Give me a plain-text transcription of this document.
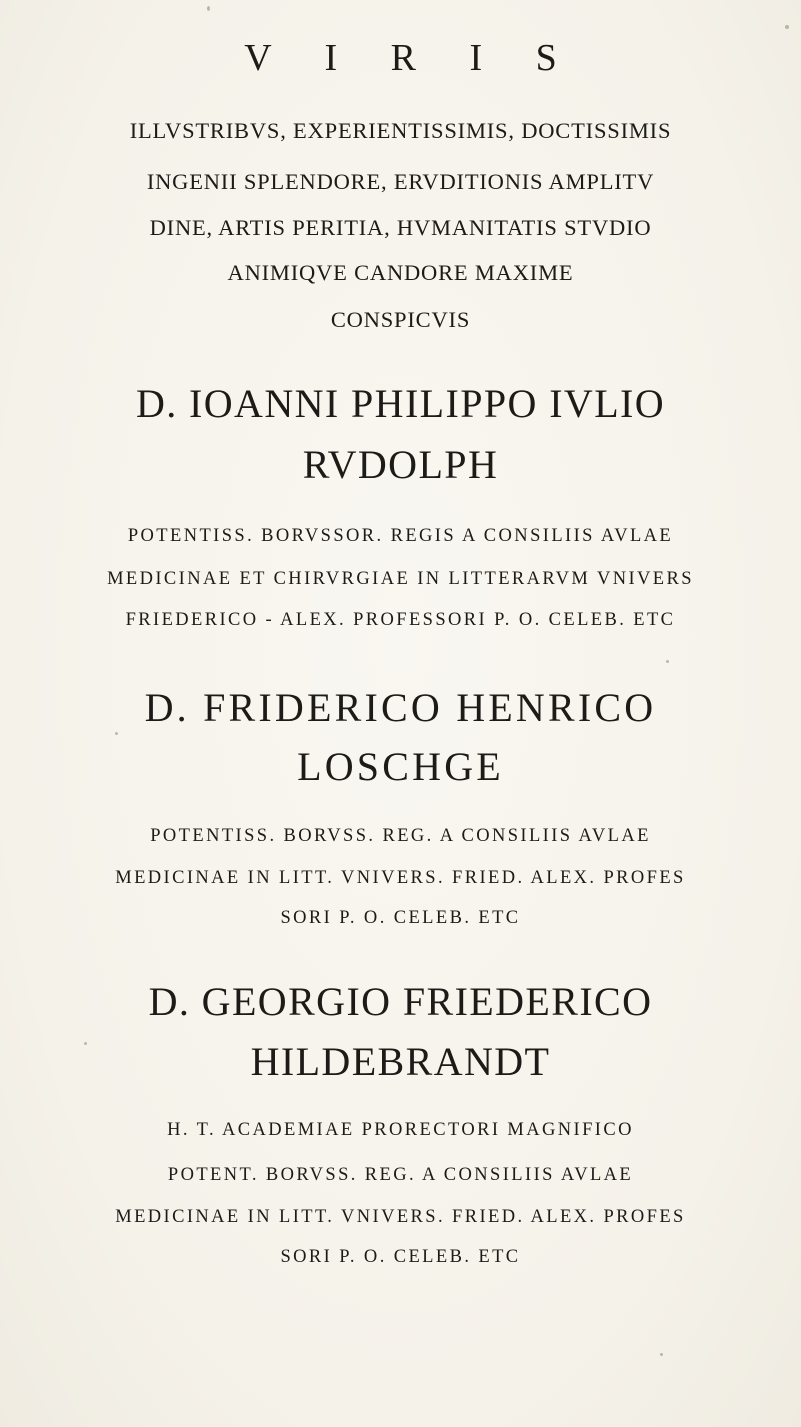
V I R I S
ILLVSTRIBVS, EXPERIENTISSIMIS, DOCTISSIMIS
INGENII SPLENDORE, ERVDITIONIS AMPLITV
DINE, ARTIS PERITIA, HVMANITATIS STVDIO
ANIMIQVE CANDORE MAXIME
CONSPICVIS
D. IOANNI PHILIPPO IVLIO
RVDOLPH
POTENTISS. BORVSSOR. REGIS A CONSILIIS AVLAE
MEDICINAE ET CHIRVRGIAE IN LITTERARVM VNIVERS
FRIEDERICO - ALEX. PROFESSORI P. O. CELEB. ETC
D. FRIDERICO HENRICO
LOSCHGE
POTENTISS. BORVSS. REG. A CONSILIIS AVLAE
MEDICINAE IN LITT. VNIVERS. FRIED. ALEX. PROFES
SORI P. O. CELEB. ETC
D. GEORGIO FRIEDERICO
HILDEBRANDT
H. T. ACADEMIAE PRORECTORI MAGNIFICO
POTENT. BORVSS. REG. A CONSILIIS AVLAE
MEDICINAE IN LITT. VNIVERS. FRIED. ALEX. PROFES
SORI P. O. CELEB. ETC
